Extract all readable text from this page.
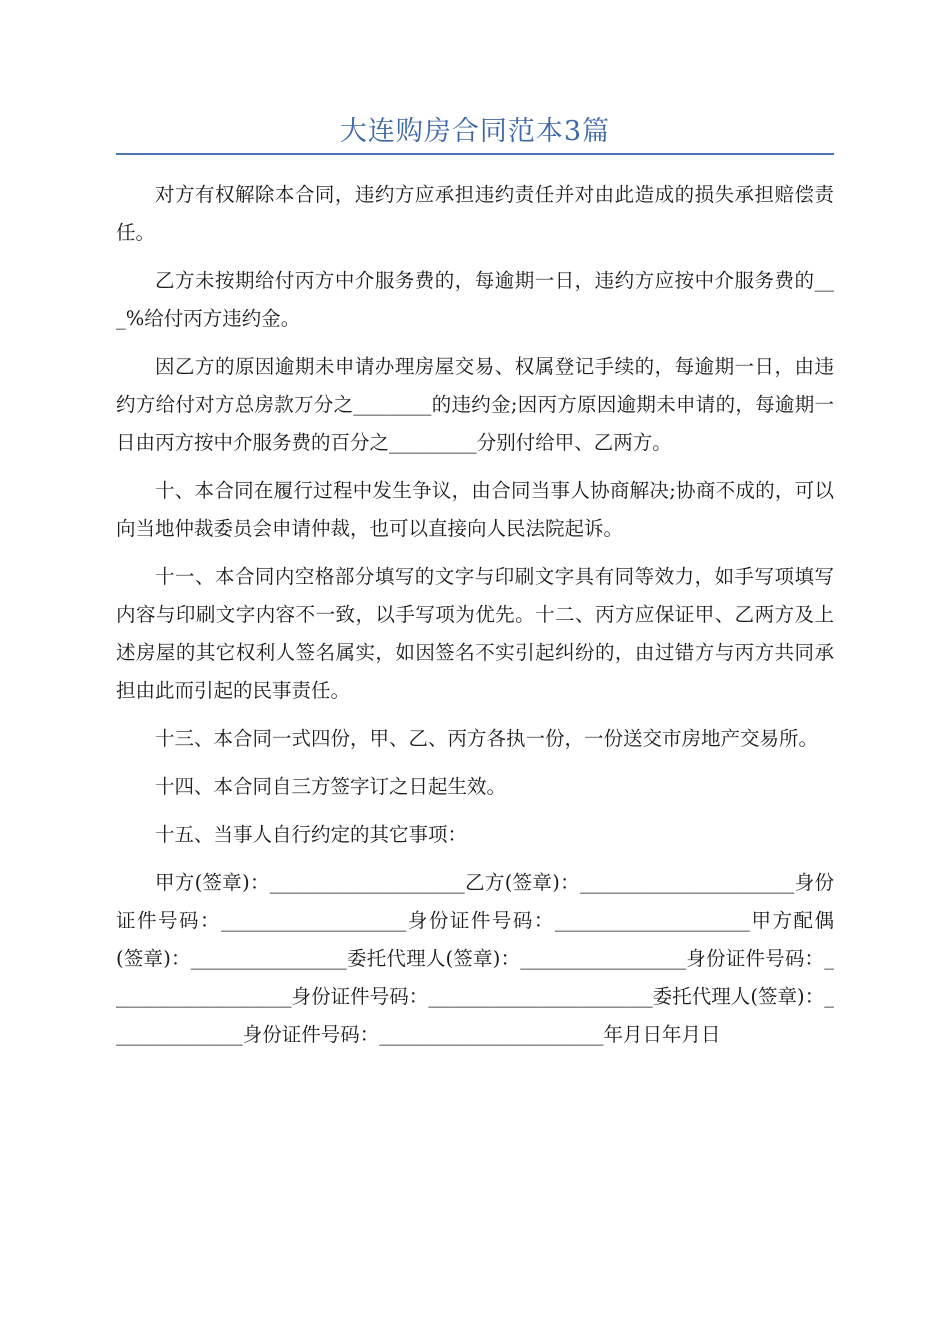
大连购房合同范本3篇

对方有权解除本合同，违约方应承担违约责任并对由此造成的损失承担赔偿责任。

乙方未按期给付丙方中介服务费的，每逾期一日，违约方应按中介服务费的___%给付丙方违约金。

因乙方的原因逾期未申请办理房屋交易、权属登记手续的，每逾期一日，由违约方给付对方总房款万分之________的违约金;因丙方原因逾期未申请的，每逾期一日由丙方按中介服务费的百分之_________分别付给甲、乙两方。

十、本合同在履行过程中发生争议，由合同当事人协商解决;协商不成的，可以向当地仲裁委员会申请仲裁，也可以直接向人民法院起诉。

十一、本合同内空格部分填写的文字与印刷文字具有同等效力，如手写项填写内容与印刷文字内容不一致，以手写项为优先。十二、丙方应保证甲、乙两方及上述房屋的其它权利人签名属实，如因签名不实引起纠纷的，由过错方与丙方共同承担由此而引起的民事责任。

十三、本合同一式四份，甲、乙、丙方各执一份，一份送交市房地产交易所。

十四、本合同自三方签字订之日起生效。

十五、当事人自行约定的其它事项：

甲方(签章)：____________________乙方(签章)：______________________身份证件号码：___________________身份证件号码：____________________甲方配偶(签章)：________________委托代理人(签章)：_________________身份证件号码：___________________身份证件号码：_______________________委托代理人(签章)：______________身份证件号码：_______________________年月日年月日
